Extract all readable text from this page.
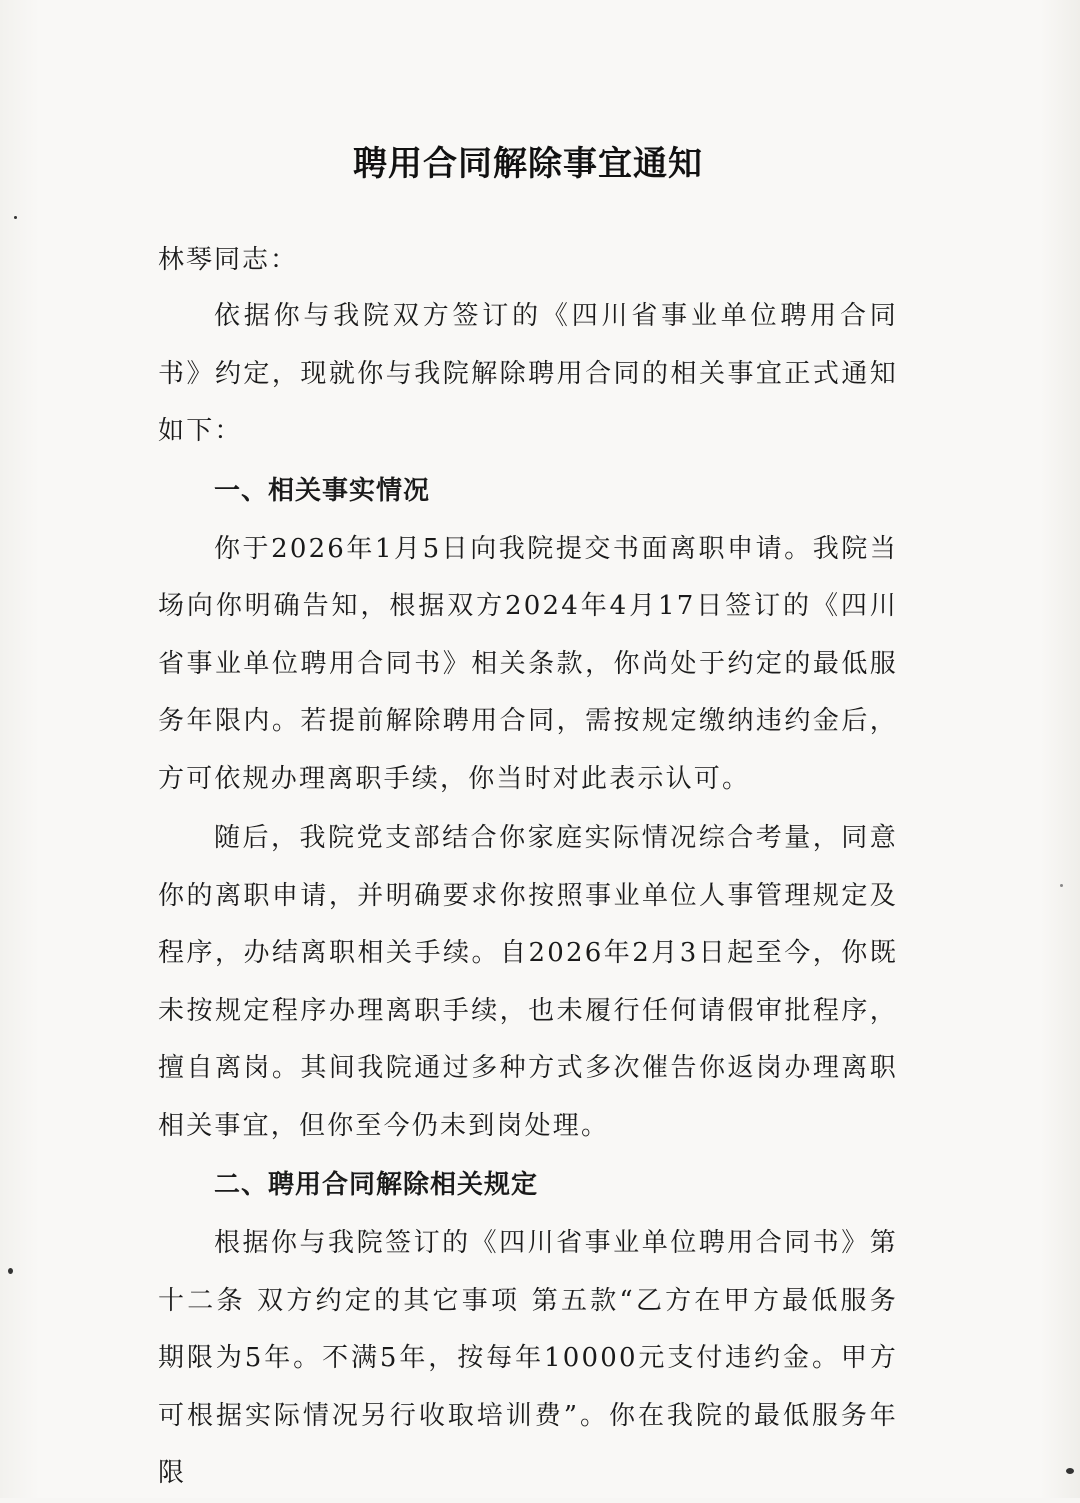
聘用合同解除事宜通知

林琴同志：

依据你与我院双方签订的《四川省事业单位聘用合同书》约定，现就你与我院解除聘用合同的相关事宜正式通知如下：

一、相关事实情况

你于2026年1月5日向我院提交书面离职申请。我院当场向你明确告知，根据双方2024年4月17日签订的《四川省事业单位聘用合同书》相关条款，你尚处于约定的最低服务年限内。若提前解除聘用合同，需按规定缴纳违约金后，方可依规办理离职手续，你当时对此表示认可。

随后，我院党支部结合你家庭实际情况综合考量，同意你的离职申请，并明确要求你按照事业单位人事管理规定及程序，办结离职相关手续。自2026年2月3日起至今，你既未按规定程序办理离职手续，也未履行任何请假审批程序，擅自离岗。其间我院通过多种方式多次催告你返岗办理离职相关事宜，但你至今仍未到岗处理。

二、聘用合同解除相关规定

根据你与我院签订的《四川省事业单位聘用合同书》第十二条 双方约定的其它事项 第五款“乙方在甲方最低服务期限为5年。不满5年，按每年10000元支付违约金。甲方可根据实际情况另行收取培训费”。你在我院的最低服务年限
